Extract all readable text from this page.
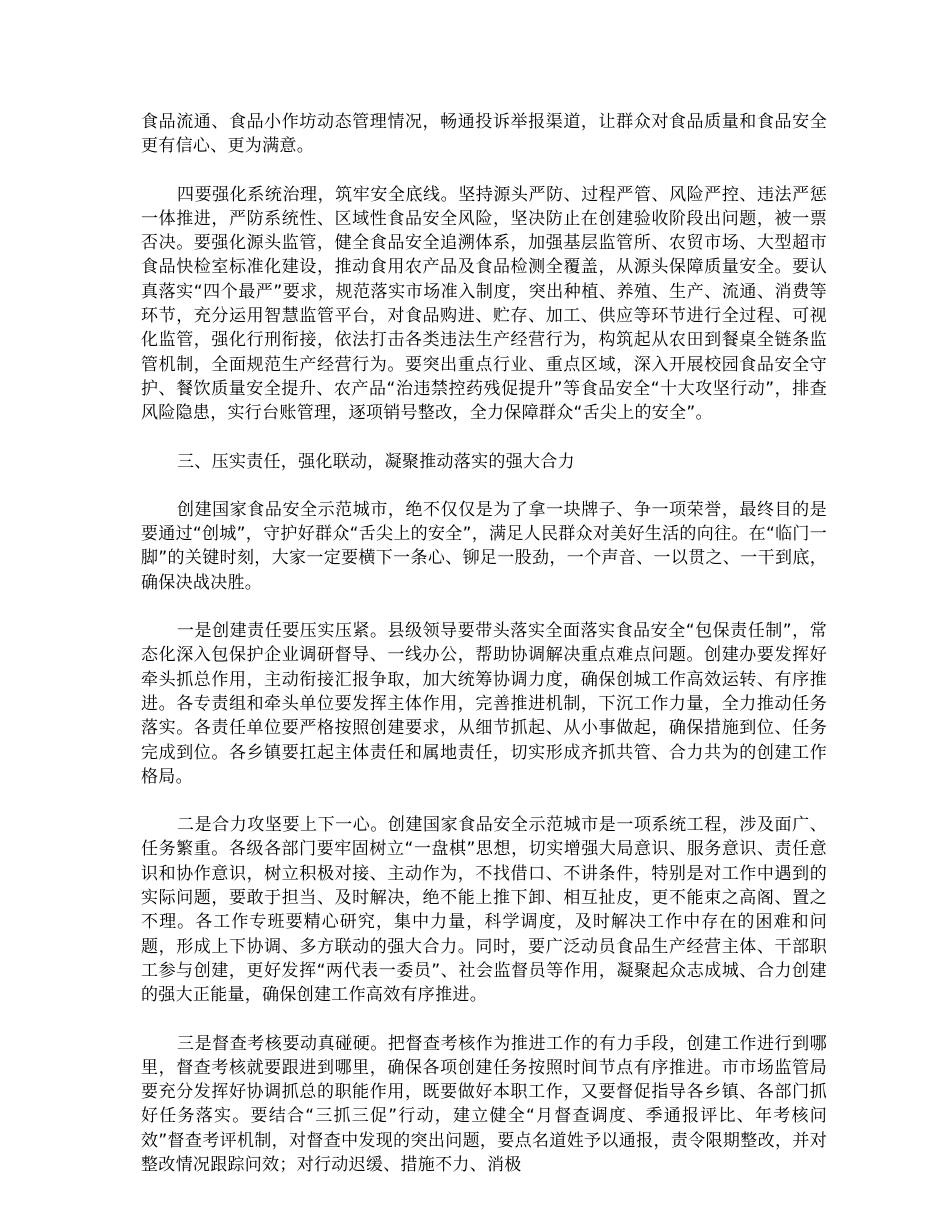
食品流通、食品小作坊动态管理情况，畅通投诉举报渠道，让群众对食品质量和食品安全更有信心、更为满意。

四要强化系统治理，筑牢安全底线。坚持源头严防、过程严管、风险严控、违法严惩一体推进，严防系统性、区域性食品安全风险，坚决防止在创建验收阶段出问题，被一票否决。要强化源头监管，健全食品安全追溯体系，加强基层监管所、农贸市场、大型超市食品快检室标准化建设，推动食用农产品及食品检测全覆盖，从源头保障质量安全。要认真落实“四个最严”要求，规范落实市场准入制度，突出种植、养殖、生产、流通、消费等环节，充分运用智慧监管平台，对食品购进、贮存、加工、供应等环节进行全过程、可视化监管，强化行刑衔接，依法打击各类违法生产经营行为，构筑起从农田到餐桌全链条监管机制，全面规范生产经营行为。要突出重点行业、重点区域，深入开展校园食品安全守护、餐饮质量安全提升、农产品“治违禁控药残促提升”等食品安全“十大攻坚行动”，排查风险隐患，实行台账管理，逐项销号整改，全力保障群众“舌尖上的安全”。

三、压实责任，强化联动，凝聚推动落实的强大合力

创建国家食品安全示范城市，绝不仅仅是为了拿一块牌子、争一项荣誉，最终目的是要通过“创城”，守护好群众“舌尖上的安全”，满足人民群众对美好生活的向往。在“临门一脚”的关键时刻，大家一定要横下一条心、铆足一股劲，一个声音、一以贯之、一干到底，确保决战决胜。

一是创建责任要压实压紧。县级领导要带头落实全面落实食品安全“包保责任制”，常态化深入包保护企业调研督导、一线办公，帮助协调解决重点难点问题。创建办要发挥好牵头抓总作用，主动衔接汇报争取，加大统筹协调力度，确保创城工作高效运转、有序推进。各专责组和牵头单位要发挥主体作用，完善推进机制，下沉工作力量，全力推动任务落实。各责任单位要严格按照创建要求，从细节抓起、从小事做起，确保措施到位、任务完成到位。各乡镇要扛起主体责任和属地责任，切实形成齐抓共管、合力共为的创建工作格局。

二是合力攻坚要上下一心。创建国家食品安全示范城市是一项系统工程，涉及面广、任务繁重。各级各部门要牢固树立“一盘棋”思想，切实增强大局意识、服务意识、责任意识和协作意识，树立积极对接、主动作为，不找借口、不讲条件，特别是对工作中遇到的实际问题，要敢于担当、及时解决，绝不能上推下卸、相互扯皮，更不能束之高阁、置之不理。各工作专班要精心研究，集中力量，科学调度，及时解决工作中存在的困难和问题，形成上下协调、多方联动的强大合力。同时，要广泛动员食品生产经营主体、干部职工参与创建，更好发挥“两代表一委员”、社会监督员等作用，凝聚起众志成城、合力创建的强大正能量，确保创建工作高效有序推进。

三是督查考核要动真碰硬。把督查考核作为推进工作的有力手段，创建工作进行到哪里，督查考核就要跟进到哪里，确保各项创建任务按照时间节点有序推进。市市场监管局要充分发挥好协调抓总的职能作用，既要做好本职工作，又要督促指导各乡镇、各部门抓好任务落实。要结合“三抓三促”行动，建立健全“月督查调度、季通报评比、年考核问效”督查考评机制，对督查中发现的突出问题，要点名道姓予以通报，责令限期整改，并对整改情况跟踪问效；对行动迟缓、措施不力、消极
